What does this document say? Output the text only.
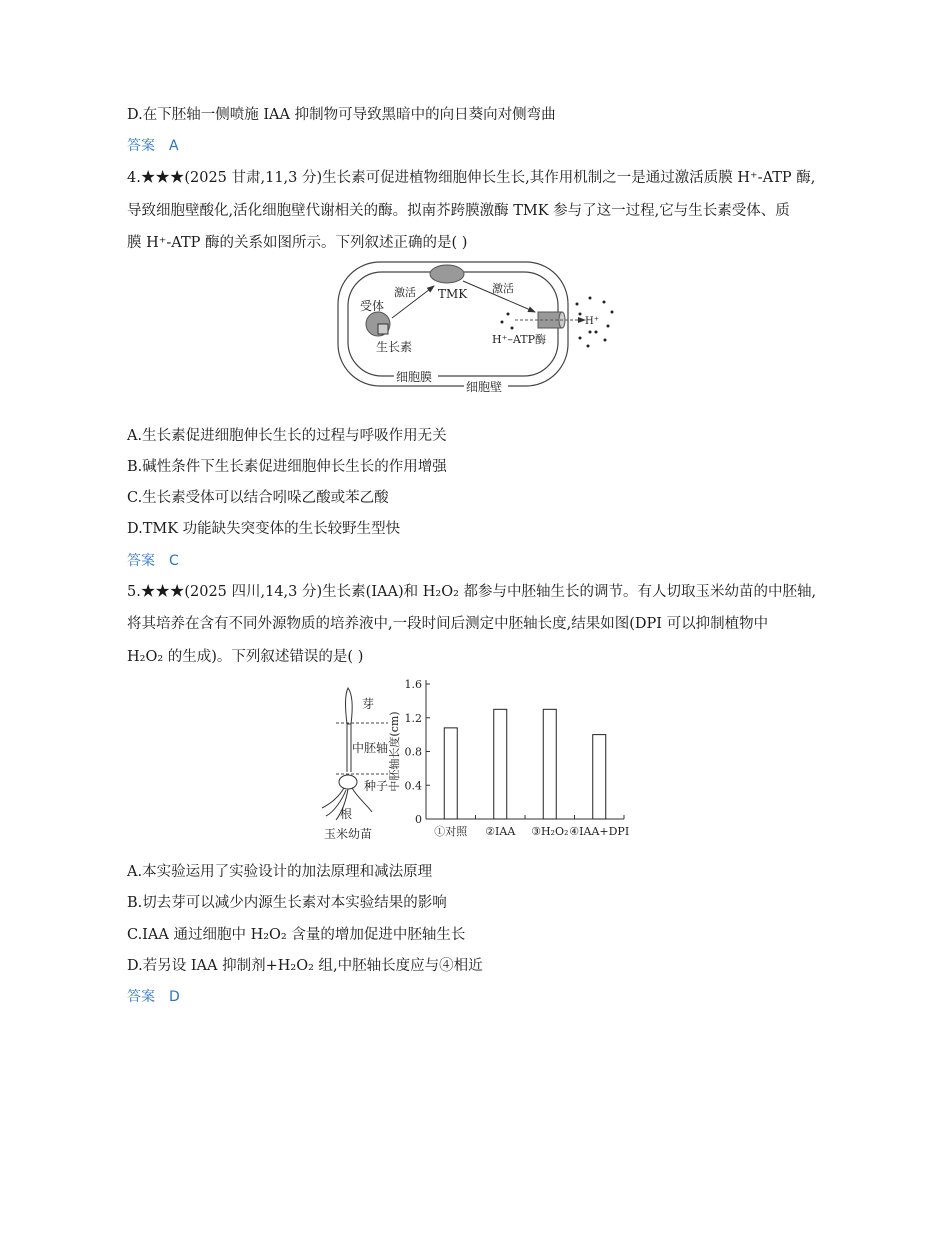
D.在下胚轴一侧喷施 IAA 抑制物可导致黑暗中的向日葵向对侧弯曲
答案 A
4.★★★(2025 甘肃,11,3 分)生长素可促进植物细胞伸长生长,其作用机制之一是通过激活质膜 H⁺-ATP 酶,
导致细胞壁酸化,活化细胞壁代谢相关的酶。拟南芥跨膜激酶 TMK 参与了这一过程,它与生长素受体、质
膜 H⁺-ATP 酶的关系如图所示。下列叙述正确的是( )
TMK
受体
生长素
激活	激活
H⁺–ATP酶
H⁺
细胞膜
细胞壁
A.生长素促进细胞伸长生长的过程与呼吸作用无关
B.碱性条件下生长素促进细胞伸长生长的作用增强
C.生长素受体可以结合吲哚乙酸或苯乙酸
D.TMK 功能缺失突变体的生长较野生型快
答案 C
5.★★★(2025 四川,14,3 分)生长素(IAA)和 H₂O₂ 都参与中胚轴生长的调节。有人切取玉米幼苗的中胚轴,
将其培养在含有不同外源物质的培养液中,一段时间后测定中胚轴长度,结果如图(DPI 可以抑制植物中
H₂O₂ 的生成)。下列叙述错误的是( )
芽
中胚轴
种子
根
玉米幼苗
0
0.4
0.8
1.2
1.6
中胚轴长度(cm)
①对照 ②IAA ③H₂O₂ ④IAA+DPI
A.本实验运用了实验设计的加法原理和减法原理
B.切去芽可以减少内源生长素对本实验结果的影响
C.IAA 通过细胞中 H₂O₂ 含量的增加促进中胚轴生长
D.若另设 IAA 抑制剂+H₂O₂ 组,中胚轴长度应与④相近
答案 D
